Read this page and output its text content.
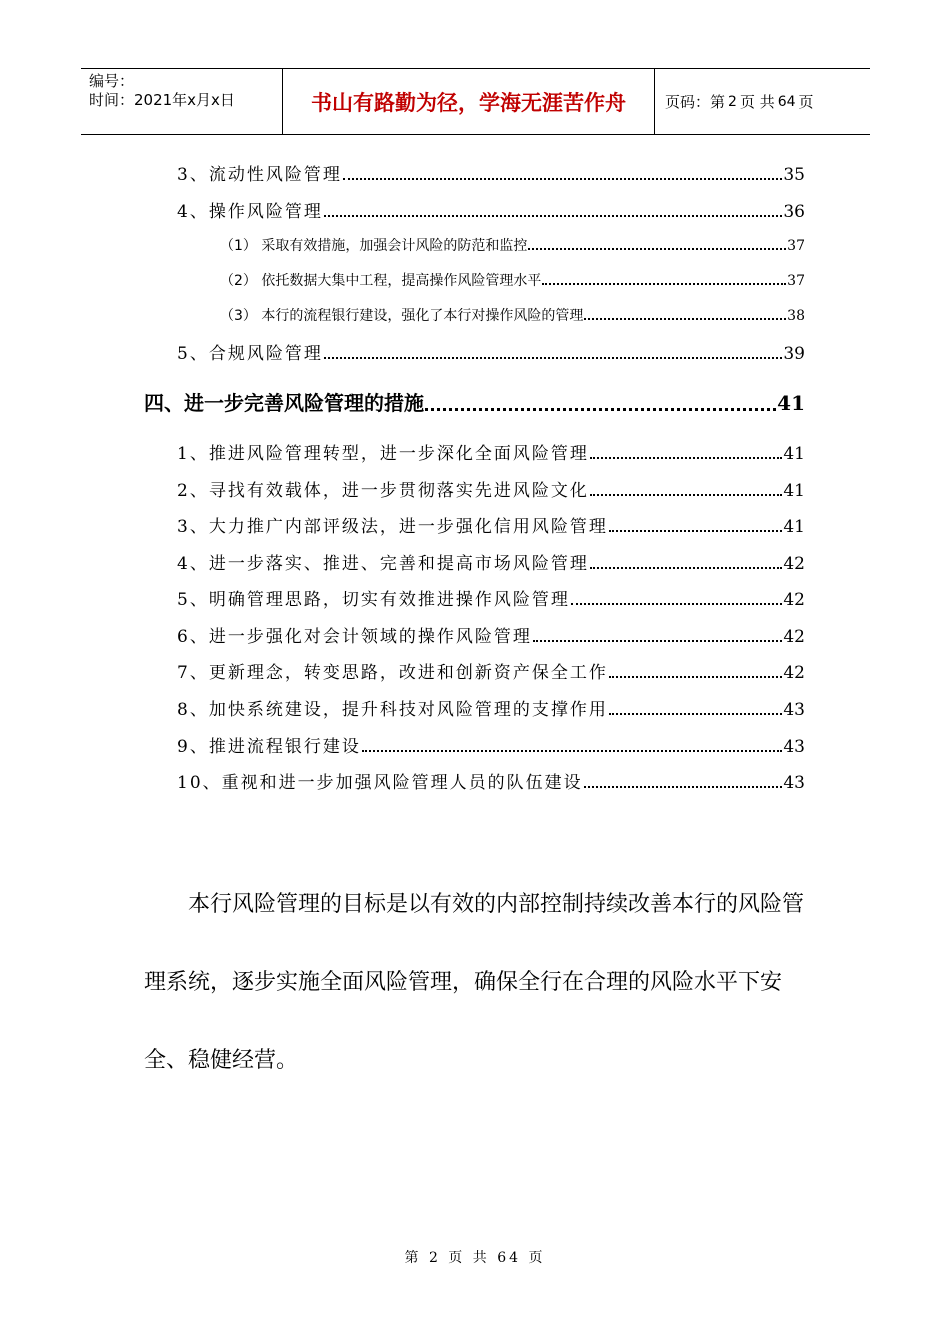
编号：
时间：2021年x月x日	书山有路勤为径，学海无涯苦作舟	页码：第 2 页 共 64 页
3、流动性风险管理	35
4、操作风险管理	36
（1） 采取有效措施，加强会计风险的防范和监控	37
（2） 依托数据大集中工程，提高操作风险管理水平	37
（3） 本行的流程银行建设，强化了本行对操作风险的管理	38
5、合规风险管理	39
四、进一步完善风险管理的措施	41
1、推进风险管理转型，进一步深化全面风险管理	41
2、寻找有效载体，进一步贯彻落实先进风险文化	41
3、大力推广内部评级法，进一步强化信用风险管理	41
4、进一步落实、推进、完善和提高市场风险管理	42
5、明确管理思路，切实有效推进操作风险管理	42
6、进一步强化对会计领域的操作风险管理	42
7、更新理念，转变思路，改进和创新资产保全工作	42
8、加快系统建设，提升科技对风险管理的支撑作用	43
9、推进流程银行建设	43
10、重视和进一步加强风险管理人员的队伍建设	43
本行风险管理的目标是以有效的内部控制持续改善本行的风险管理系统，逐步实施全面风险管理，确保全行在合理的风险水平下安全、稳健经营。
第 2 页 共 64 页
